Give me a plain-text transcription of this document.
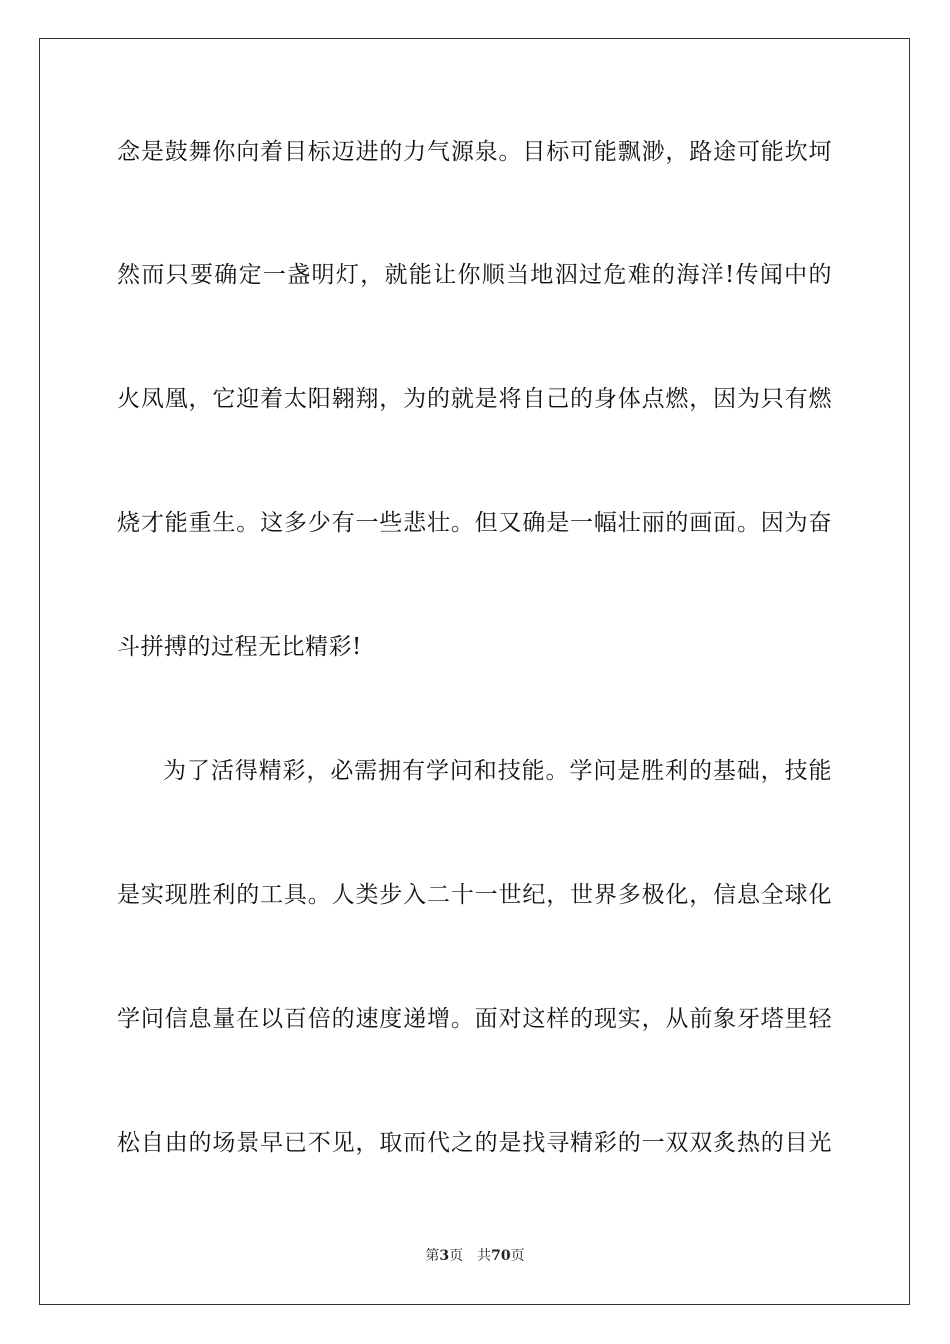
念是鼓舞你向着目标迈进的力气源泉。目标可能飘渺，路途可能坎坷
然而只要确定一盏明灯，就能让你顺当地泅过危难的海洋!传闻中的
火凤凰，它迎着太阳翱翔，为的就是将自己的身体点燃，因为只有燃
烧才能重生。这多少有一些悲壮。但又确是一幅壮丽的画面。因为奋
斗拼搏的过程无比精彩!
为了活得精彩，必需拥有学问和技能。学问是胜利的基础，技能
是实现胜利的工具。人类步入二十一世纪，世界多极化，信息全球化
学问信息量在以百倍的速度递增。面对这样的现实，从前象牙塔里轻
松自由的场景早已不见，取而代之的是找寻精彩的一双双炙热的目光
第3页 共70页
